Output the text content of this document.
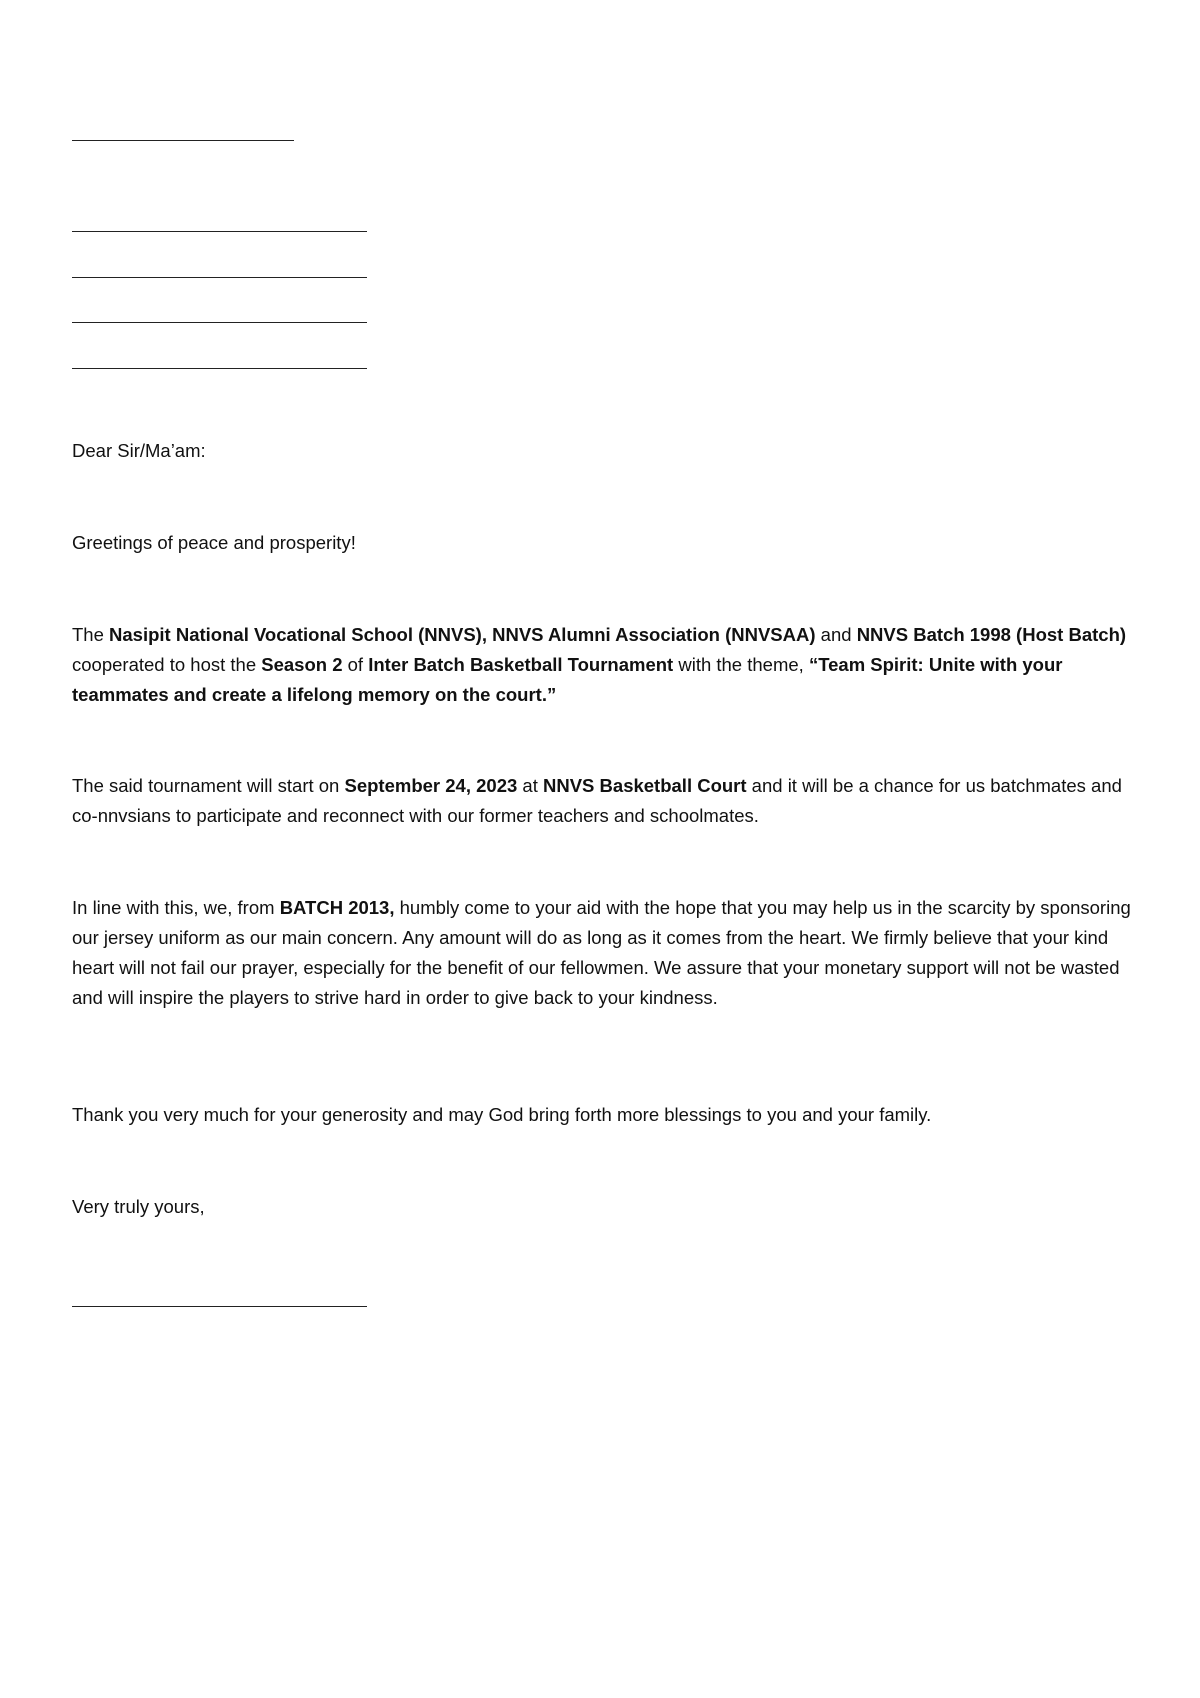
Dear Sir/Ma’am:
Greetings of peace and prosperity!
The Nasipit National Vocational School (NNVS), NNVS Alumni Association (NNVSAA) and NNVS Batch 1998 (Host Batch) cooperated to host the Season 2 of Inter Batch Basketball Tournament with the theme, “Team Spirit: Unite with your teammates and create a lifelong memory on the court.”
The said tournament will start on September 24, 2023 at NNVS Basketball Court and it will be a chance for us batchmates and co-nnvsians to participate and reconnect with our former teachers and schoolmates.
In line with this, we, from BATCH 2013, humbly come to your aid with the hope that you may help us in the scarcity by sponsoring our jersey uniform as our main concern. Any amount will do as long as it comes from the heart. We firmly believe that your kind heart will not fail our prayer, especially for the benefit of our fellowmen. We assure that your monetary support will not be wasted and will inspire the players to strive hard in order to give back to your kindness.
Thank you very much for your generosity and may God bring forth more blessings to you and your family.
Very truly yours,
